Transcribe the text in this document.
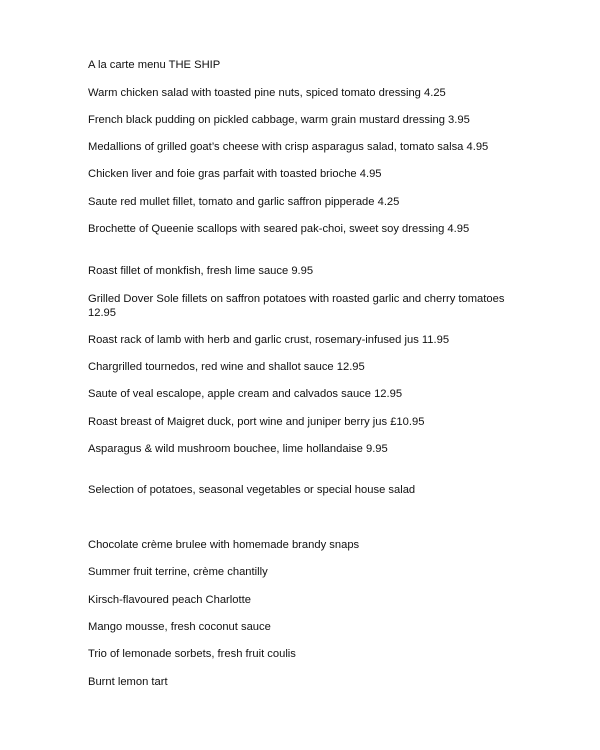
A la carte menu THE SHIP
Warm chicken salad with toasted pine nuts, spiced tomato dressing 4.25
French black pudding on pickled cabbage, warm grain mustard dressing 3.95
Medallions of grilled goat’s cheese with crisp asparagus salad, tomato salsa 4.95
Chicken liver and foie gras parfait with toasted brioche 4.95
Saute red mullet fillet, tomato and garlic saffron pipperade 4.25
Brochette of Queenie scallops with seared pak-choi, sweet soy dressing 4.95
Roast fillet of monkfish, fresh lime sauce 9.95
Grilled Dover Sole fillets on saffron potatoes with roasted garlic and cherry tomatoes 12.95
Roast rack of lamb with herb and garlic crust, rosemary-infused jus 11.95
Chargrilled tournedos, red wine and shallot sauce 12.95
Saute of veal escalope, apple cream and calvados sauce 12.95
Roast breast of Maigret duck, port wine and juniper berry jus £10.95
Asparagus & wild mushroom bouchee, lime hollandaise 9.95
Selection of potatoes, seasonal vegetables or special house salad
Chocolate crème brulee with homemade brandy snaps
Summer fruit terrine, crème chantilly
Kirsch-flavoured peach Charlotte
Mango mousse, fresh coconut sauce
Trio of lemonade sorbets, fresh fruit coulis
Burnt lemon tart
